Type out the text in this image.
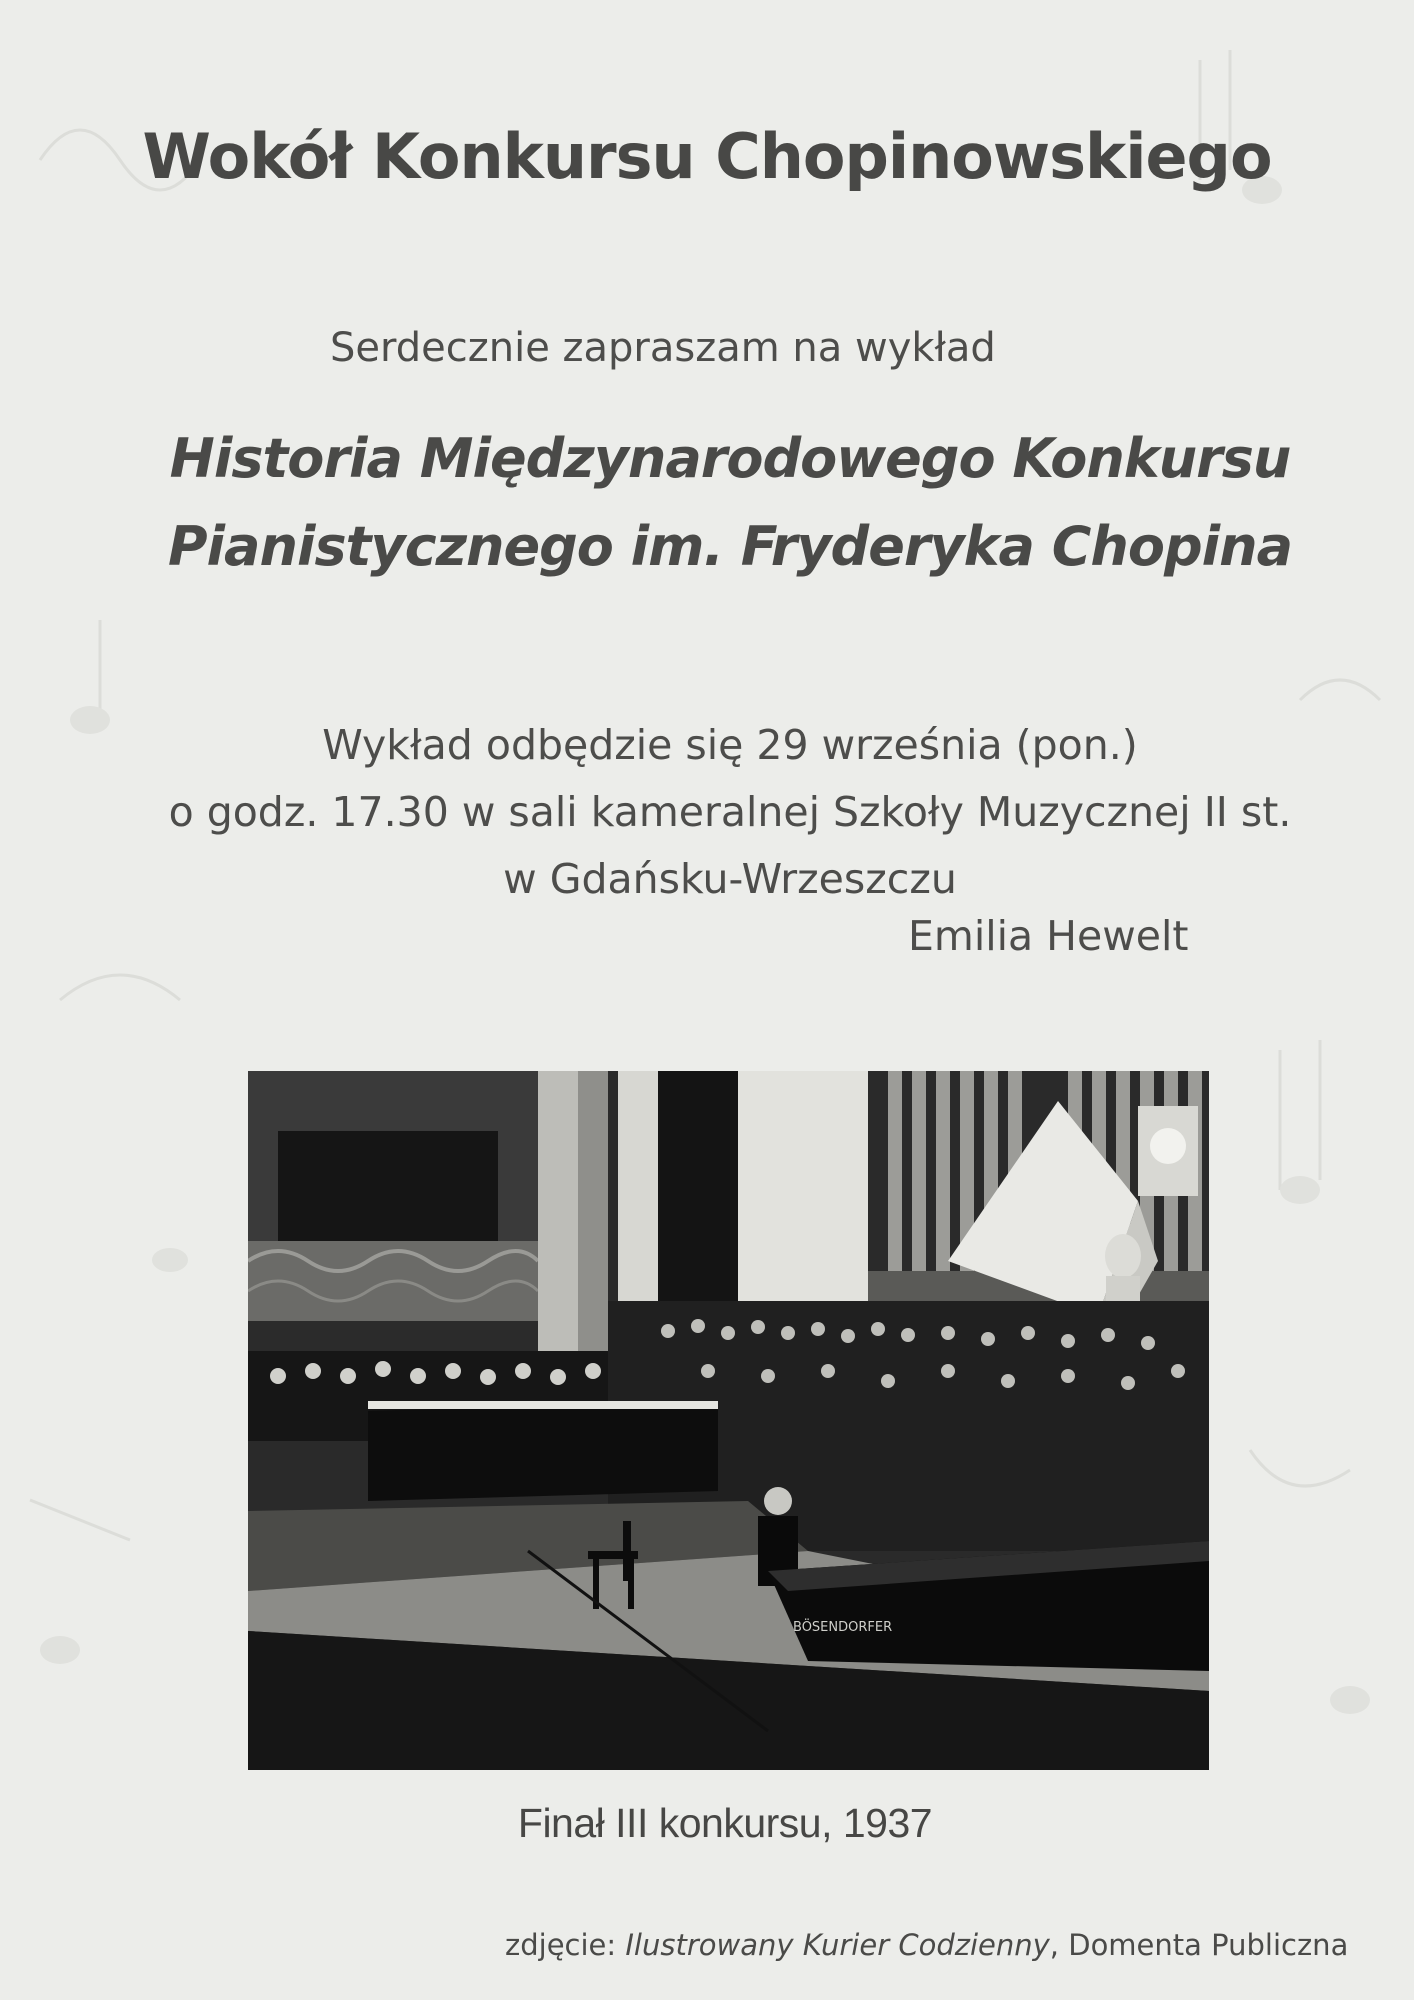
Wokół Konkursu Chopinowskiego
Serdecznie zapraszam na wykład
Historia Międzynarodowego Konkursu
Pianistycznego im. Fryderyka Chopina
Wykład odbędzie się 29 września (pon.)
o godz. 17.30 w sali kameralnej Szkoły Muzycznej II st.
w Gdańsku-Wrzeszczu
Emilia Hewelt
BÖSENDORFER
Finał III konkursu, 1937
zdjęcie: Ilustrowany Kurier Codzienny, Domenta Publiczna
